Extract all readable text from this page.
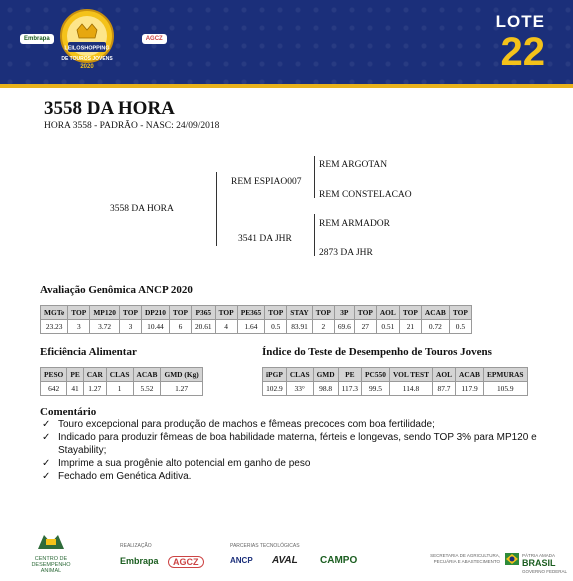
Embrapa	AGCZ
LEILOSHOPPING
DE TOUROS JOVENS
2020
LOTE
22
3558 DA HORA
HORA 3558 - PADRÃO - NASC: 24/09/2018
3558 DA HORA
REM ESPIAO007
3541 DA JHR
REM ARGOTAN
REM CONSTELACAO
REM ARMADOR
2873 DA JHR
Avaliação Genômica ANCP 2020
MGTe	TOP	MP120	TOP	DP210	TOP	P365	TOP	PE365	TOP	STAY	TOP	3P	TOP	AOL	TOP	ACAB	TOP
23.23	3	3.72	3	10.44	6	20.61	4	1.64	0.5	83.91	2	69.6	27	0.51	21	0.72	0.5
Eficiência Alimentar
PESO	PE	CAR	CLAS	ACAB	GMD (Kg)
642	41	1.27	1	5.52	1.27
Índice do Teste de Desempenho de Touros Jovens
iPGP	CLAS	GMD	PE	PC550	VOL TEST	AOL	ACAB	EPMURAS
102.9	33°	98.8	117.3	99.5	114.8	87.7	117.9	105.9
Comentário
✓ Touro excepcional para produção de machos e fêmeas precoces com boa fertilidade;
✓ Indicado para produzir fêmeas de boa habilidade materna, férteis e longevas, sendo TOP 3% para MP120 e Stayability;
✓ Imprime a sua progênie alto potencial em ganho de peso
✓ Fechado em Genética Aditiva.
CENTRO DE DESEMPENHO ANIMAL
REALIZAÇÃO
Embrapa	AGCZ
PARCERIAS TECNOLÓGICAS
ANCP AVAL CAMPO	SECRETARIA DE AGRICULTURA, PECUÁRIA E ABASTECIMENTO
PÁTRIA AMADA
BRASIL
GOVERNO FEDERAL
